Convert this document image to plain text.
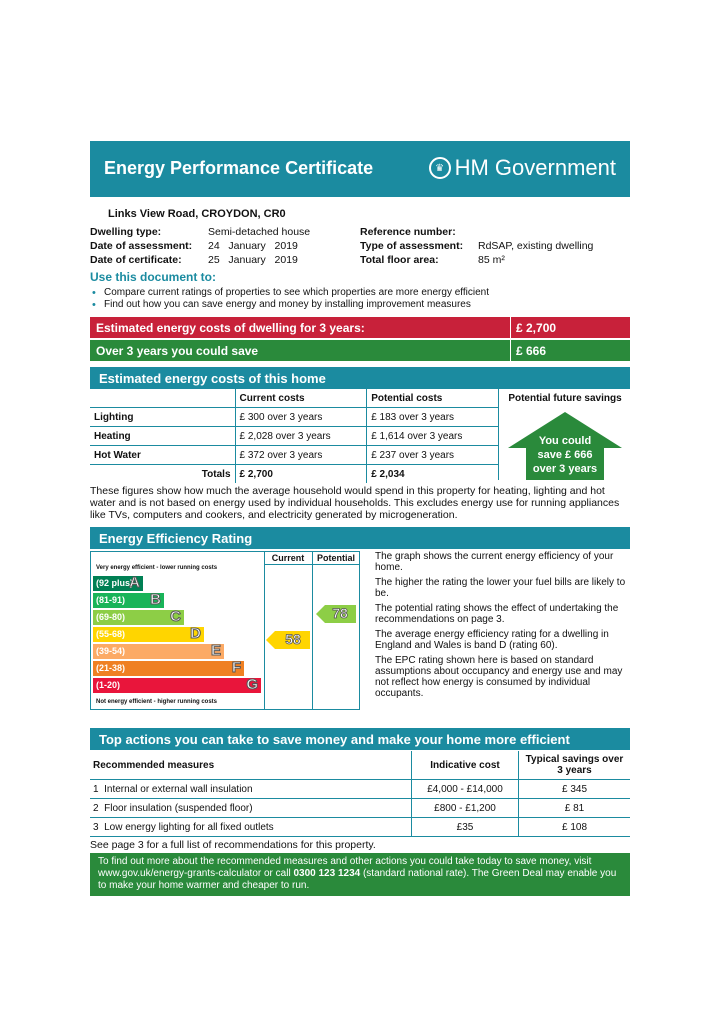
Energy Performance Certificate	♛ HM Government
Links View Road, CROYDON, CR0
Dwelling type:	Semi-detached house
Date of assessment: 24   January   2019
Date of certificate:	25   January   2019
Reference number:
Type of assessment: RdSAP, existing dwelling
Total floor area:	85 m²
Use this document to:
• Compare current ratings of properties to see which properties are more energy efficient
• Find out how you can save energy and money by installing improvement measures
Estimated energy costs of dwelling for 3 years:	£ 2,700
Over 3 years you could save	£ 666
Estimated energy costs of this home
	Current costs	Potential costs
Lighting	£ 300 over 3 years	£ 183 over 3 years
Heating	£ 2,028 over 3 years	£ 1,614 over 3 years
Hot Water	£ 372 over 3 years	£ 237 over 3 years
Totals	£ 2,700	£ 2,034
Potential future savings
You could
save £ 666
over 3 years
These figures show how much the average household would spend in this property for heating, lighting and hot water and is not based on energy used by individual households. This excludes energy use for running appliances like TVs, computers and cookers, and electricity generated by microgeneration.
Energy Efficiency Rating
Current	Potential
Very energy efficient - lower running costs
Not energy efficient - higher running costs
(92 plus)
A
(81-91) B
(69-80)	C
(55-68)	D
(39-54)	E
(21-38)	F
(1-20)	G
58
78

The graph shows the current energy efficiency of your home.

The higher the rating the lower your fuel bills are likely to be.

The potential rating shows the effect of undertaking the recommendations on page 3.

The average energy efficiency rating for a dwelling in England and Wales is band D (rating 60).

The EPC rating shown here is based on standard assumptions about occupancy and energy use and may not reflect how energy is consumed by individual occupants.

Top actions you can take to save money and make your home more efficient
Recommended measures	Indicative cost	Typical savings over 3 years
1 Internal or external wall insulation	£4,000 - £14,000	£ 345
2 Floor insulation (suspended floor)	£800 - £1,200	£ 81
3 Low energy lighting for all fixed outlets	£35	£ 108
See page 3 for a full list of recommendations for this property.
To find out more about the recommended measures and other actions you could take today to save money, visit www.gov.uk/energy-grants-calculator or call 0300 123 1234 (standard national rate). The Green Deal may enable you to make your home warmer and cheaper to run.
